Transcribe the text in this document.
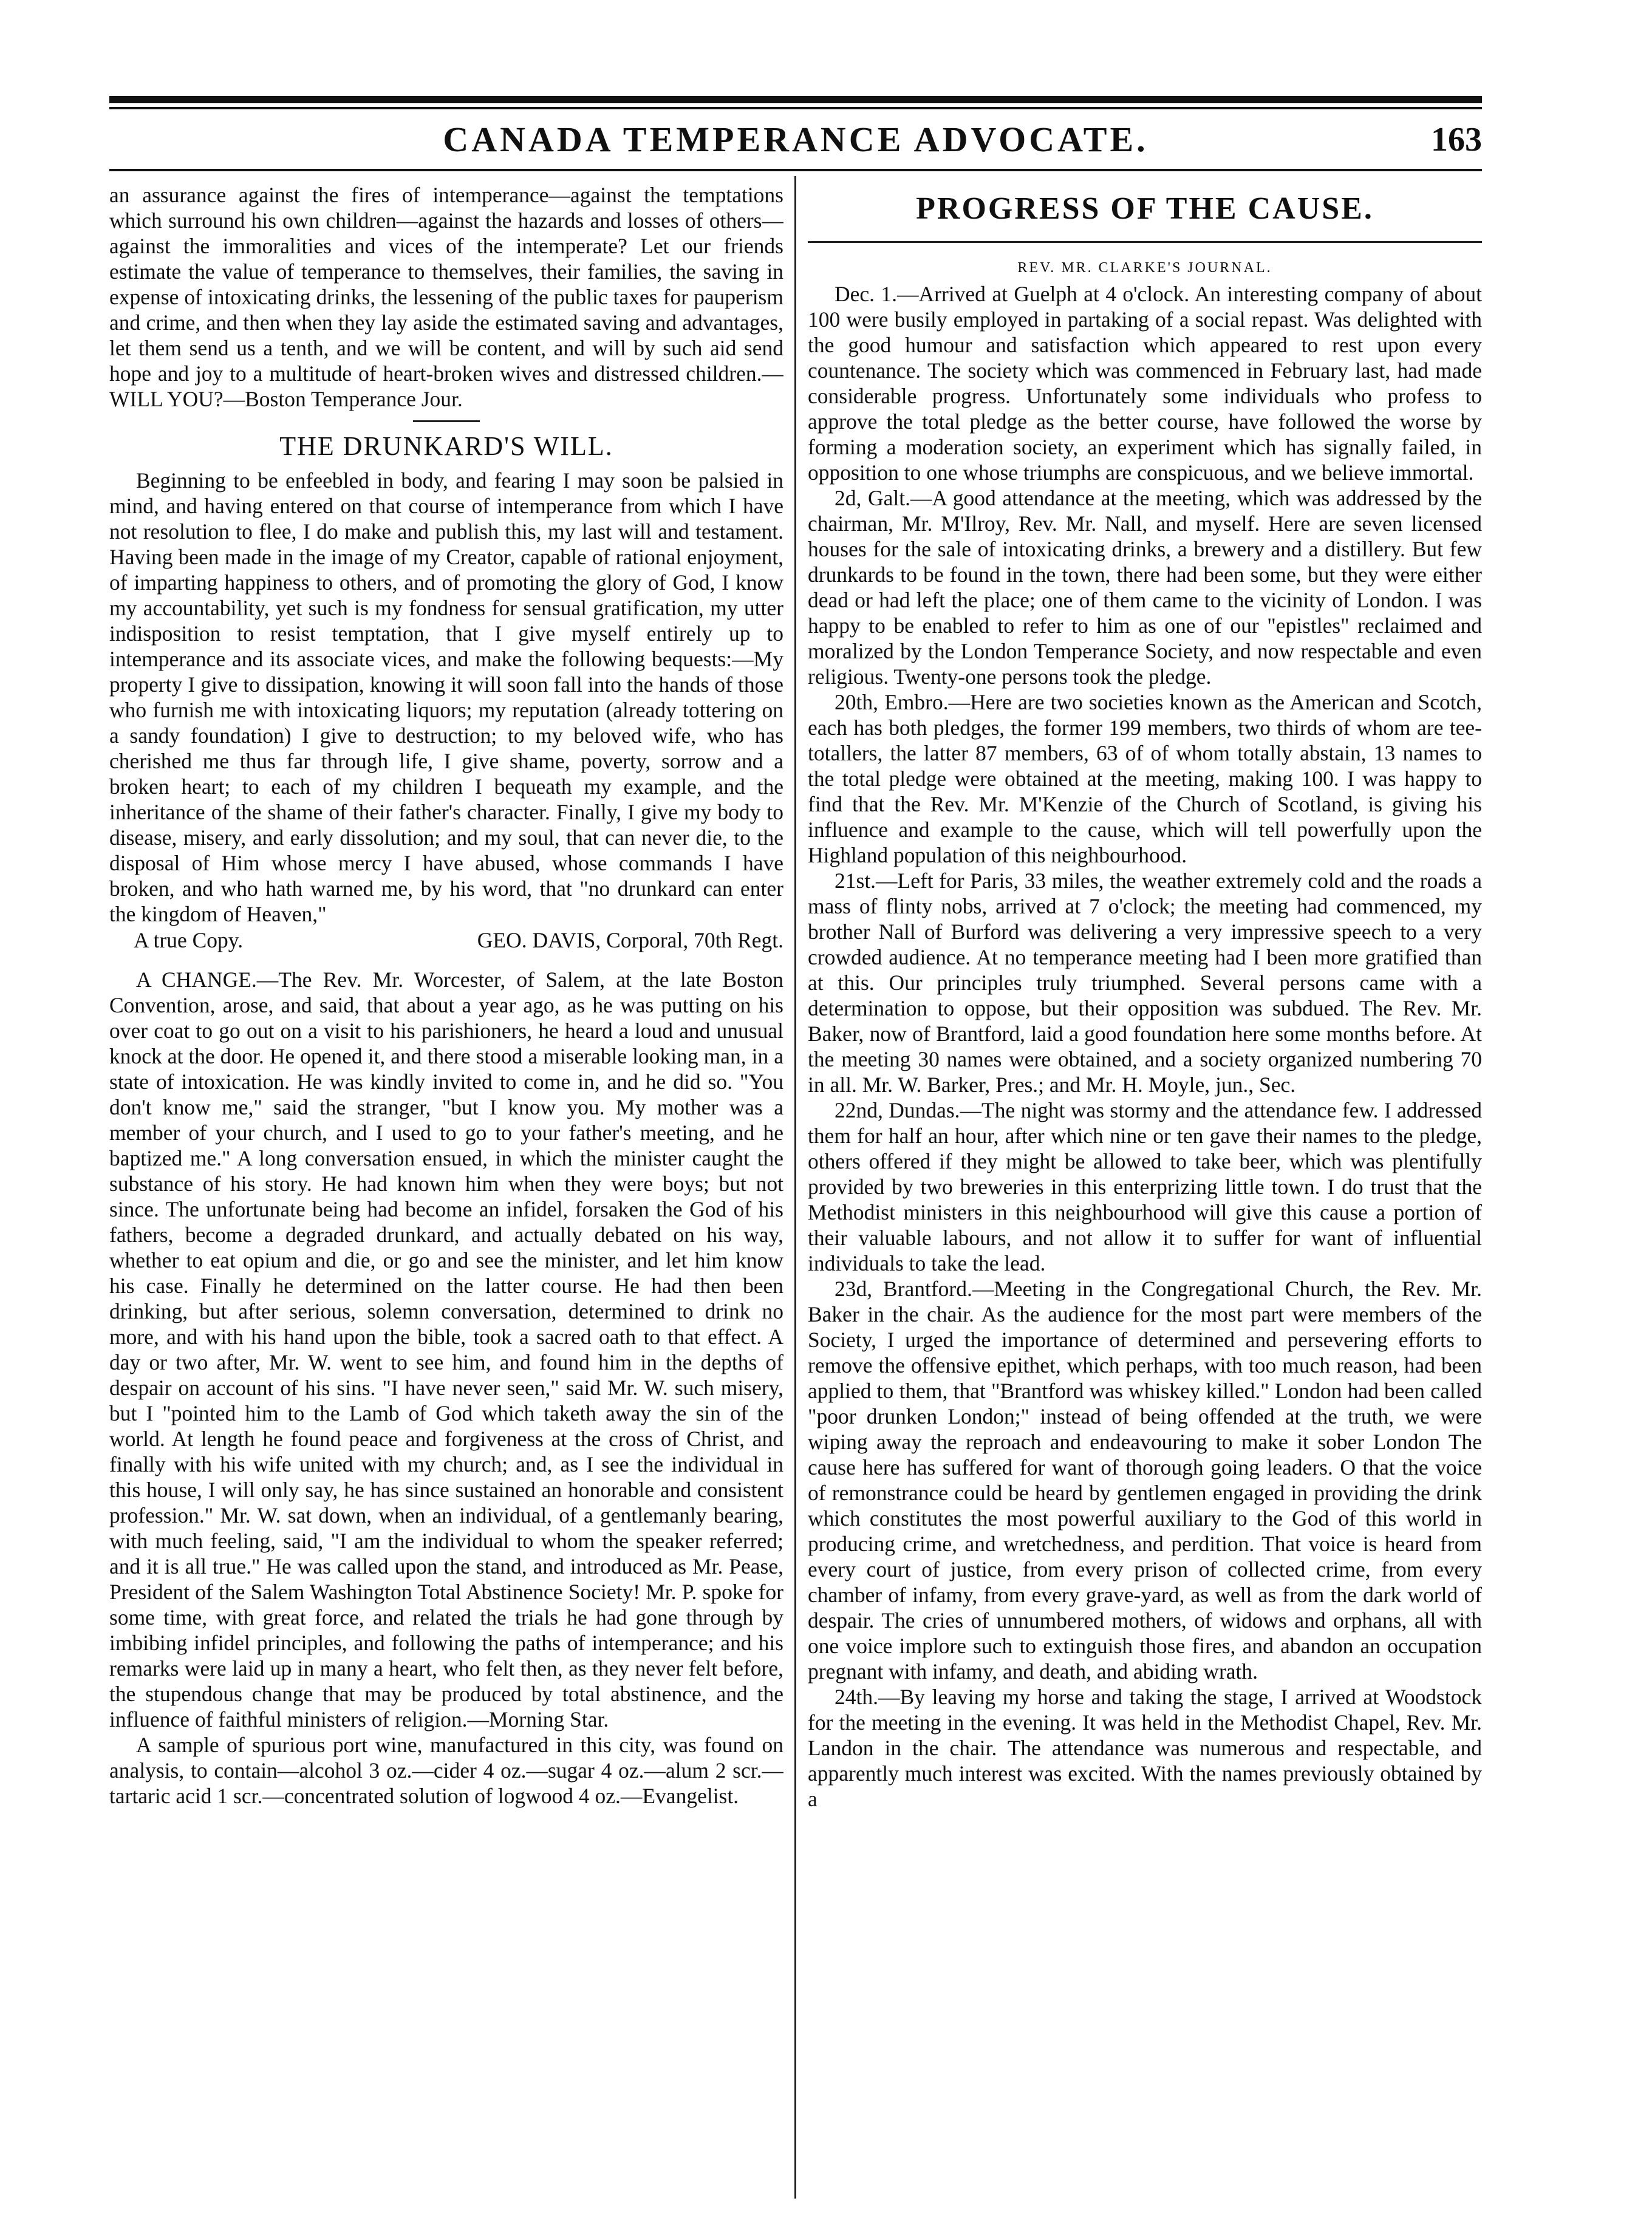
CANADA TEMPERANCE ADVOCATE.	163

an assurance against the fires of intemperance—against the temptations which surround his own children—against the hazards and losses of others—against the immoralities and vices of the intemperate? Let our friends estimate the value of temperance to themselves, their families, the saving in expense of intoxicating drinks, the lessening of the public taxes for pauperism and crime, and then when they lay aside the estimated saving and advantages, let them send us a tenth, and we will be content, and will by such aid send hope and joy to a multitude of heart-broken wives and distressed children.—WILL YOU?—Boston Temperance Jour.

THE DRUNKARD'S WILL.

Beginning to be enfeebled in body, and fearing I may soon be palsied in mind, and having entered on that course of intemperance from which I have not resolution to flee, I do make and publish this, my last will and testament. Having been made in the image of my Creator, capable of rational enjoyment, of imparting happiness to others, and of promoting the glory of God, I know my accountability, yet such is my fondness for sensual gratification, my utter indisposition to resist temptation, that I give myself entirely up to intemperance and its associate vices, and make the following bequests:—My property I give to dissipation, knowing it will soon fall into the hands of those who furnish me with intoxicating liquors; my reputation (already tottering on a sandy foundation) I give to destruction; to my beloved wife, who has cherished me thus far through life, I give shame, poverty, sorrow and a broken heart; to each of my children I bequeath my example, and the inheritance of the shame of their father's character. Finally, I give my body to disease, misery, and early dissolution; and my soul, that can never die, to the disposal of Him whose mercy I have abused, whose commands I have broken, and who hath warned me, by his word, that "no drunkard can enter the kingdom of Heaven,"

A true Copy.	GEO. DAVIS, Corporal, 70th Regt.

A CHANGE.—The Rev. Mr. Worcester, of Salem, at the late Boston Convention, arose, and said, that about a year ago, as he was putting on his over coat to go out on a visit to his parishioners, he heard a loud and unusual knock at the door. He opened it, and there stood a miserable looking man, in a state of intoxication. He was kindly invited to come in, and he did so. "You don't know me," said the stranger, "but I know you. My mother was a member of your church, and I used to go to your father's meeting, and he baptized me." A long conversation ensued, in which the minister caught the substance of his story. He had known him when they were boys; but not since. The unfortunate being had become an infidel, forsaken the God of his fathers, become a degraded drunkard, and actually debated on his way, whether to eat opium and die, or go and see the minister, and let him know his case. Finally he determined on the latter course. He had then been drinking, but after serious, solemn conversation, determined to drink no more, and with his hand upon the bible, took a sacred oath to that effect. A day or two after, Mr. W. went to see him, and found him in the depths of despair on account of his sins. "I have never seen," said Mr. W. such misery, but I "pointed him to the Lamb of God which taketh away the sin of the world. At length he found peace and forgiveness at the cross of Christ, and finally with his wife united with my church; and, as I see the individual in this house, I will only say, he has since sustained an honorable and consistent profession." Mr. W. sat down, when an individual, of a gentlemanly bearing, with much feeling, said, "I am the individual to whom the speaker referred; and it is all true." He was called upon the stand, and introduced as Mr. Pease, President of the Salem Washington Total Abstinence Society! Mr. P. spoke for some time, with great force, and related the trials he had gone through by imbibing infidel principles, and following the paths of intemperance; and his remarks were laid up in many a heart, who felt then, as they never felt before, the stupendous change that may be produced by total abstinence, and the influence of faithful ministers of religion.—Morning Star.

A sample of spurious port wine, manufactured in this city, was found on analysis, to contain—alcohol 3 oz.—cider 4 oz.—sugar 4 oz.—alum 2 scr.—tartaric acid 1 scr.—concentrated solution of logwood 4 oz.—Evangelist.

PROGRESS OF THE CAUSE.
REV. MR. CLARKE'S JOURNAL.

Dec. 1.—Arrived at Guelph at 4 o'clock. An interesting company of about 100 were busily employed in partaking of a social repast. Was delighted with the good humour and satisfaction which appeared to rest upon every countenance. The society which was commenced in February last, had made considerable progress. Unfortunately some individuals who profess to approve the total pledge as the better course, have followed the worse by forming a moderation society, an experiment which has signally failed, in opposition to one whose triumphs are conspicuous, and we believe immortal.

2d, Galt.—A good attendance at the meeting, which was addressed by the chairman, Mr. M'Ilroy, Rev. Mr. Nall, and myself. Here are seven licensed houses for the sale of intoxicating drinks, a brewery and a distillery. But few drunkards to be found in the town, there had been some, but they were either dead or had left the place; one of them came to the vicinity of London. I was happy to be enabled to refer to him as one of our "epistles" reclaimed and moralized by the London Temperance Society, and now respectable and even religious. Twenty-one persons took the pledge.

20th, Embro.—Here are two societies known as the American and Scotch, each has both pledges, the former 199 members, two thirds of whom are tee-totallers, the latter 87 members, 63 of of whom totally abstain, 13 names to the total pledge were obtained at the meeting, making 100. I was happy to find that the Rev. Mr. M'Kenzie of the Church of Scotland, is giving his influence and example to the cause, which will tell powerfully upon the Highland population of this neighbourhood.

21st.—Left for Paris, 33 miles, the weather extremely cold and the roads a mass of flinty nobs, arrived at 7 o'clock; the meeting had commenced, my brother Nall of Burford was delivering a very impressive speech to a very crowded audience. At no temperance meeting had I been more gratified than at this. Our principles truly triumphed. Several persons came with a determination to oppose, but their opposition was subdued. The Rev. Mr. Baker, now of Brantford, laid a good foundation here some months before. At the meeting 30 names were obtained, and a society organized numbering 70 in all. Mr. W. Barker, Pres.; and Mr. H. Moyle, jun., Sec.

22nd, Dundas.—The night was stormy and the attendance few. I addressed them for half an hour, after which nine or ten gave their names to the pledge, others offered if they might be allowed to take beer, which was plentifully provided by two breweries in this enterprizing little town. I do trust that the Methodist ministers in this neighbourhood will give this cause a portion of their valuable labours, and not allow it to suffer for want of influential individuals to take the lead.

23d, Brantford.—Meeting in the Congregational Church, the Rev. Mr. Baker in the chair. As the audience for the most part were members of the Society, I urged the importance of determined and persevering efforts to remove the offensive epithet, which perhaps, with too much reason, had been applied to them, that "Brantford was whiskey killed." London had been called "poor drunken London;" instead of being offended at the truth, we were wiping away the reproach and endeavouring to make it sober London The cause here has suffered for want of thorough going leaders. O that the voice of remonstrance could be heard by gentlemen engaged in providing the drink which constitutes the most powerful auxiliary to the God of this world in producing crime, and wretchedness, and perdition. That voice is heard from every court of justice, from every prison of collected crime, from every chamber of infamy, from every grave-yard, as well as from the dark world of despair. The cries of unnumbered mothers, of widows and orphans, all with one voice implore such to extinguish those fires, and abandon an occupation pregnant with infamy, and death, and abiding wrath.

24th.—By leaving my horse and taking the stage, I arrived at Woodstock for the meeting in the evening. It was held in the Methodist Chapel, Rev. Mr. Landon in the chair. The attendance was numerous and respectable, and apparently much interest was excited. With the names previously obtained by a
